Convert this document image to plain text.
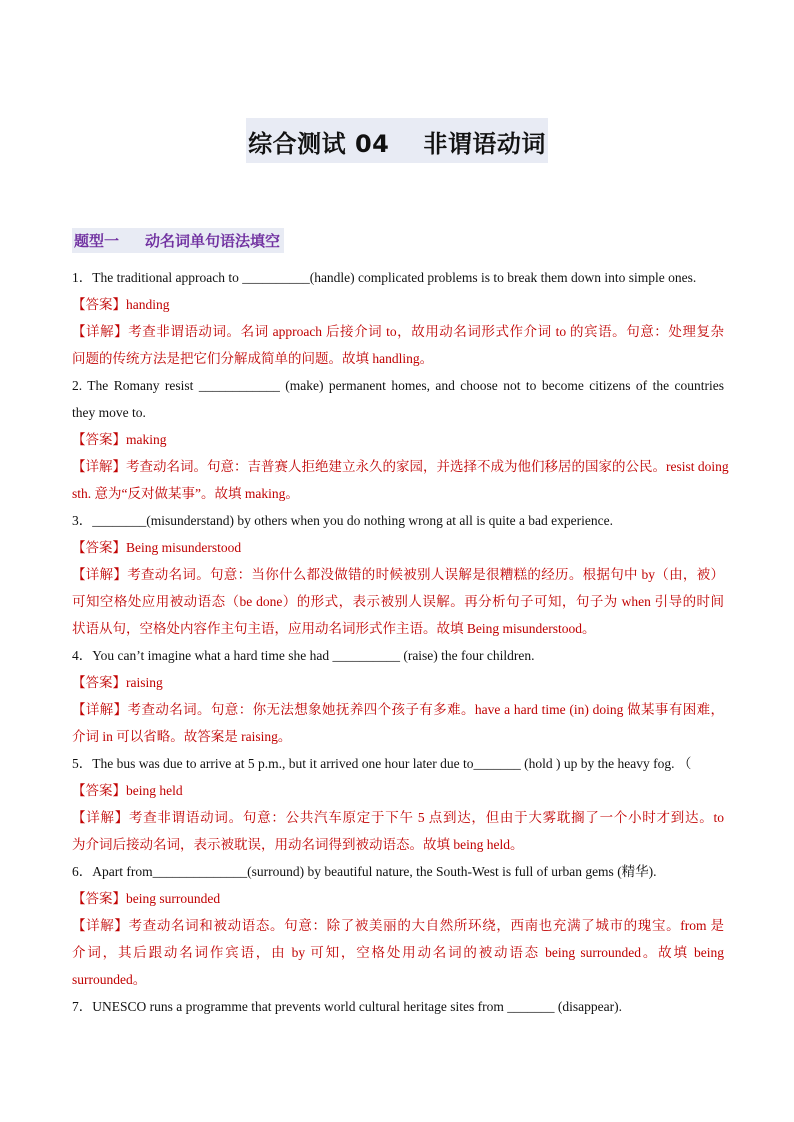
综合测试 04 非谓语动词
题型一 动名词单句语法填空
1．The traditional approach to __________(handle) complicated problems is to break them down into simple ones.
【答案】handing
【详解】考查非谓语动词。名词 approach 后接介词 to，故用动名词形式作介词 to 的宾语。句意：处理复杂
问题的传统方法是把它们分解成简单的问题。故填 handling。
2. The Romany resist ____________ (make) permanent homes, and choose not to become citizens of the countries
they move to.
【答案】making
【详解】考查动名词。句意：吉普赛人拒绝建立永久的家园，并选择不成为他们移居的国家的公民。resist doing
sth. 意为“反对做某事”。故填 making。
3．________(misunderstand) by others when you do nothing wrong at all is quite a bad experience.
【答案】Being misunderstood
【详解】考查动名词。句意：当你什么都没做错的时候被别人误解是很糟糕的经历。根据句中 by（由，被）
可知空格处应用被动语态（be done）的形式，表示被别人误解。再分析句子可知，句子为 when 引导的时间
状语从句，空格处内容作主句主语，应用动名词形式作主语。故填 Being misunderstood。
4．You can’t imagine what a hard time she had __________ (raise) the four children.
【答案】raising
【详解】考查动名词。句意：你无法想象她抚养四个孩子有多难。have a hard time (in) doing 做某事有困难，
介词 in 可以省略。故答案是 raising。
5．The bus was due to arrive at 5 p.m., but it arrived one hour later due to_______ (hold ) up by the heavy fog. （
【答案】being held
【详解】考查非谓语动词。句意：公共汽车原定于下午 5 点到达，但由于大雾耽搁了一个小时才到达。to
为介词后接动名词，表示被耽误，用动名词得到被动语态。故填 being held。
6．Apart from______________(surround) by beautiful nature, the South-West is full of urban gems (精华).
【答案】being surrounded
【详解】考查动名词和被动语态。句意：除了被美丽的大自然所环绕，西南也充满了城市的瑰宝。from 是
介词，其后跟动名词作宾语，由 by 可知，空格处用动名词的被动语态 being surrounded。故填 being
surrounded。
7．UNESCO runs a programme that prevents world cultural heritage sites from _______ (disappear).
